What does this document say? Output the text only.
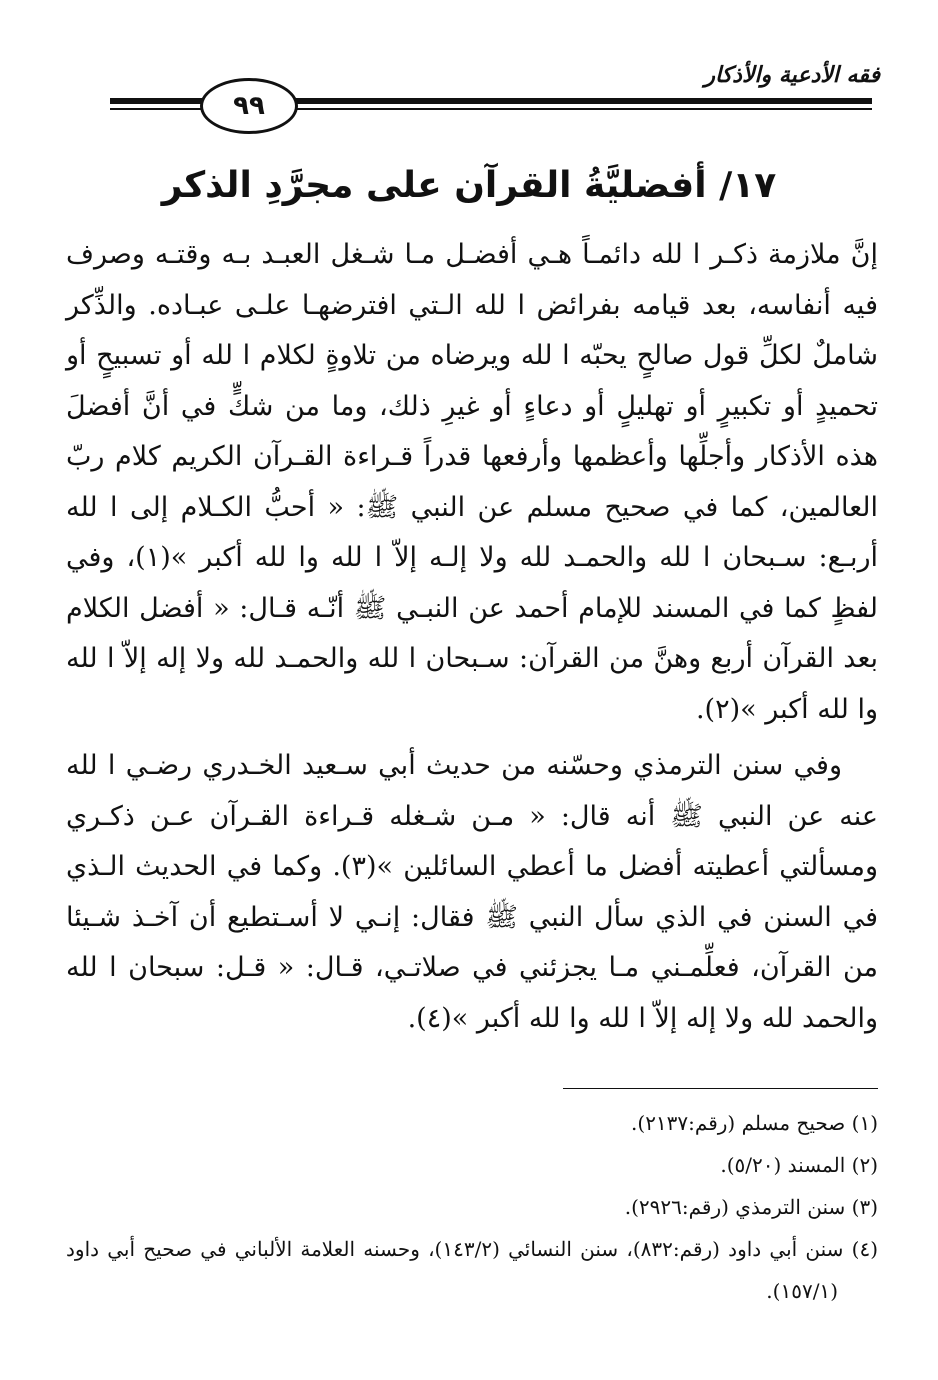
فقه الأدعية والأذكار
٩٩
١٧/ أفضليَّةُ القرآن على مجرَّدِ الذكر

إنَّ ملازمة ذكـر ا لله دائمـاً هـي أفضـل مـا شـغل العبـد بـه وقتـه وصرف فيه أنفاسه، بعد قيامه بفرائض ا لله الـتي افترضهـا علـى عبـاده. والذِّكر شاملٌ لكلِّ قول صالحٍ يحبّه ا لله ويرضاه من تلاوةٍ لكلام ا لله أو تسبيحٍ أو تحميدٍ أو تكبيرٍ أو تهليلٍ أو دعاءٍ أو غيرِ ذلك، وما من شكٍّ في أنَّ أفضلَ هذه الأذكار وأجلِّها وأعظمها وأرفعها قدراً قـراءة القـرآن الكريم كلام ربّ العالمين، كما في صحيح مسلم عن النبي ﷺ: « أحبُّ الكـلام إلى ا لله أربـع: سـبحان ا لله والحمـد لله ولا إلـه إلاّ ا لله وا لله أكبر »(١)، وفي لفظٍ كما في المسند للإمام أحمد عن النبـي ﷺ أنّـه قـال: « أفضل الكلام بعد القرآن أربع وهنَّ من القرآن: سـبحان ا لله والحمـد لله ولا إله إلاّ ا لله وا لله أكبر »(٢).

وفي سنن الترمذي وحسّنه من حديث أبي سـعيد الخـدري رضـي ا لله عنه عن النبي ﷺ أنه قال: « مـن شـغله قـراءة القـرآن عـن ذكـري ومسألتي أعطيته أفضل ما أعطي السائلين »(٣). وكما في الحديث الـذي في السنن في الذي سأل النبي ﷺ فقال: إنـي لا أسـتطيع أن آخـذ شـيئا من القرآن، فعلِّمـني مـا يجزئني في صلاتـي، قـال: « قـل: سبحان ا لله والحمد لله ولا إله إلاّ ا لله وا لله أكبر »(٤).

(١) صحيح مسلم (رقم:٢١٣٧).

(٢) المسند (٥/٢٠).

(٣) سنن الترمذي (رقم:٢٩٢٦).

(٤) سنن أبي داود (رقم:٨٣٢)، سنن النسائي (١٤٣/٢)، وحسنه العلامة الألباني في صحيح أبي داود (١٥٧/١).
